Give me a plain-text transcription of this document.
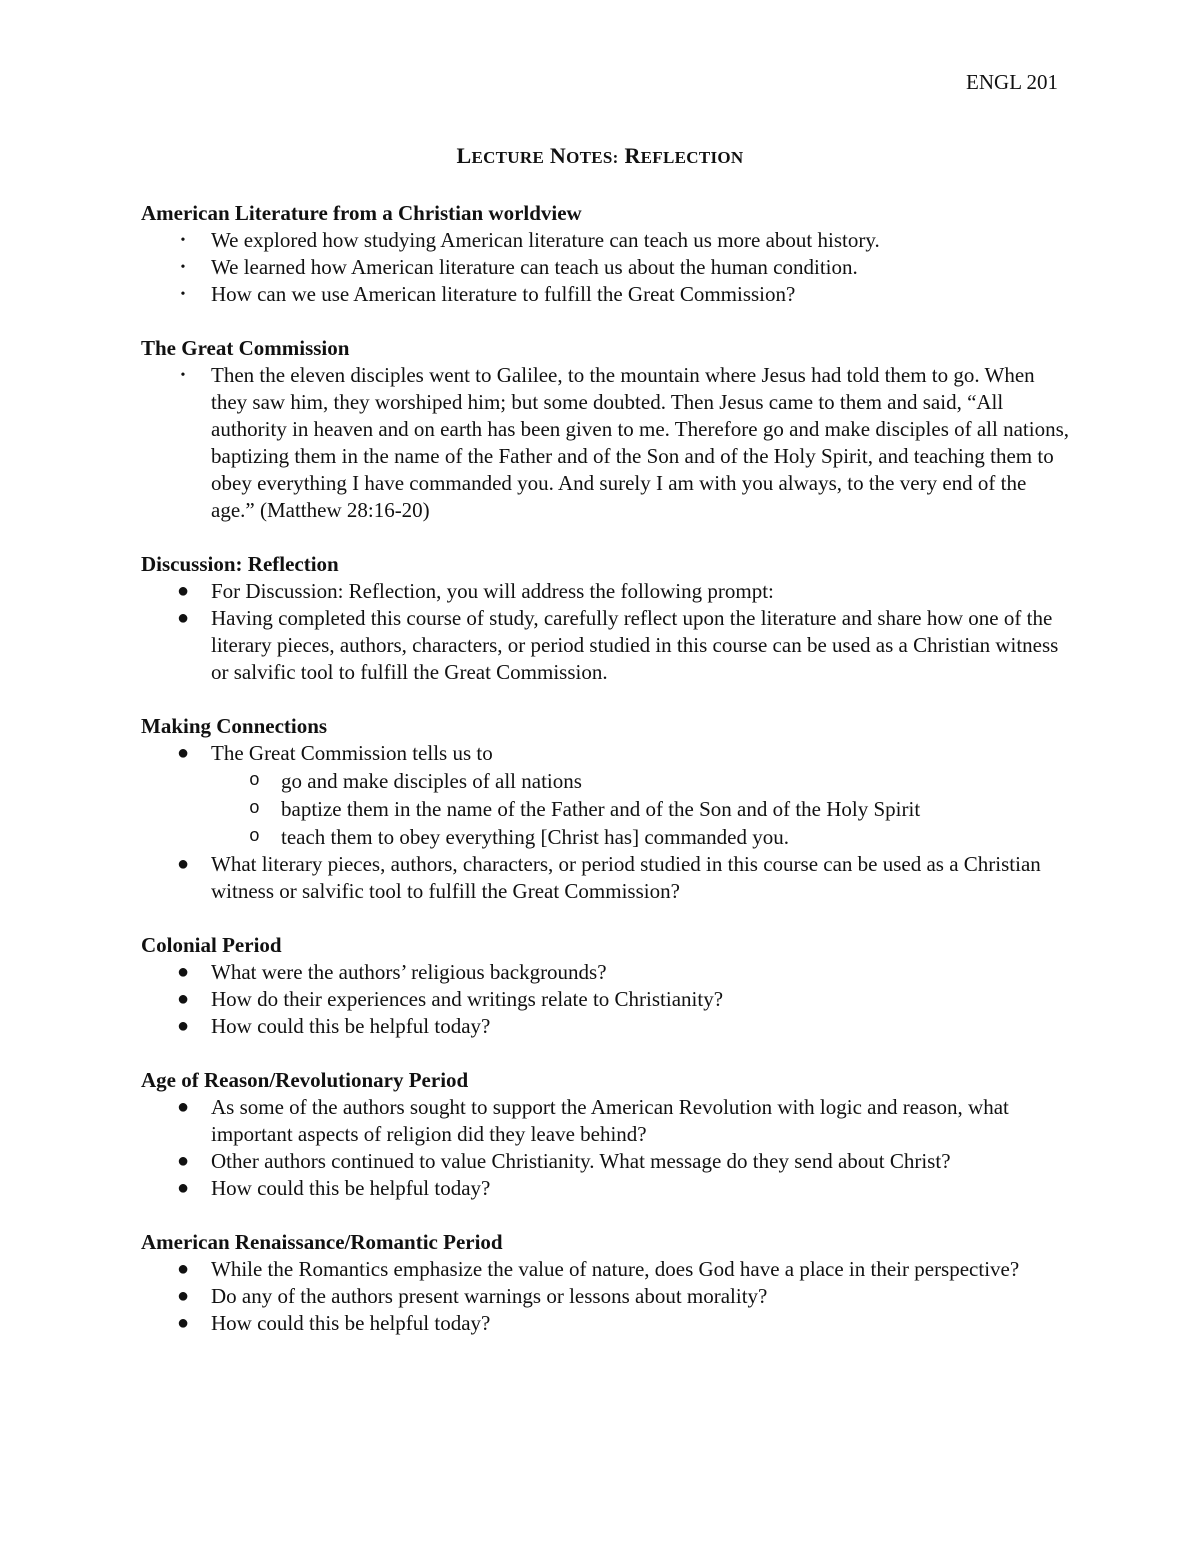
ENGL 201
LECTURE NOTES: REFLECTION

American Literature from a Christian worldview

•	We explored how studying American literature can teach us more about history.
•	We learned how American literature can teach us about the human condition.
•	How can we use American literature to fulfill the Great Commission?

The Great Commission

•	Then the eleven disciples went to Galilee, to the mountain where Jesus had told them to go. When they saw him, they worshiped him; but some doubted. Then Jesus came to them and said, “All authority in heaven and on earth has been given to me. Therefore go and make disciples of all nations, baptizing them in the name of the Father and of the Son and of the Holy Spirit, and teaching them to obey everything I have commanded you. And surely I am with you always, to the very end of the age.” (Matthew 28:16-20)

Discussion: Reflection

● For Discussion: Reflection, you will address the following prompt:
● Having completed this course of study, carefully reflect upon the literature and share how one of the literary pieces, authors, characters, or period studied in this course can be used as a Christian witness or salvific tool to fulfill the Great Commission.

Making Connections

● The Great Commission tells us to
o go and make disciples of all nations
o baptize them in the name of the Father and of the Son and of the Holy Spirit
o teach them to obey everything [Christ has] commanded you.
● What literary pieces, authors, characters, or period studied in this course can be used as a Christian witness or salvific tool to fulfill the Great Commission?

Colonial Period

● What were the authors’ religious backgrounds?
● How do their experiences and writings relate to Christianity?
● How could this be helpful today?

Age of Reason/Revolutionary Period

● As some of the authors sought to support the American Revolution with logic and reason, what important aspects of religion did they leave behind?
● Other authors continued to value Christianity. What message do they send about Christ?
● How could this be helpful today?

American Renaissance/Romantic Period

● While the Romantics emphasize the value of nature, does God have a place in their perspective?
● Do any of the authors present warnings or lessons about morality?
● How could this be helpful today?
